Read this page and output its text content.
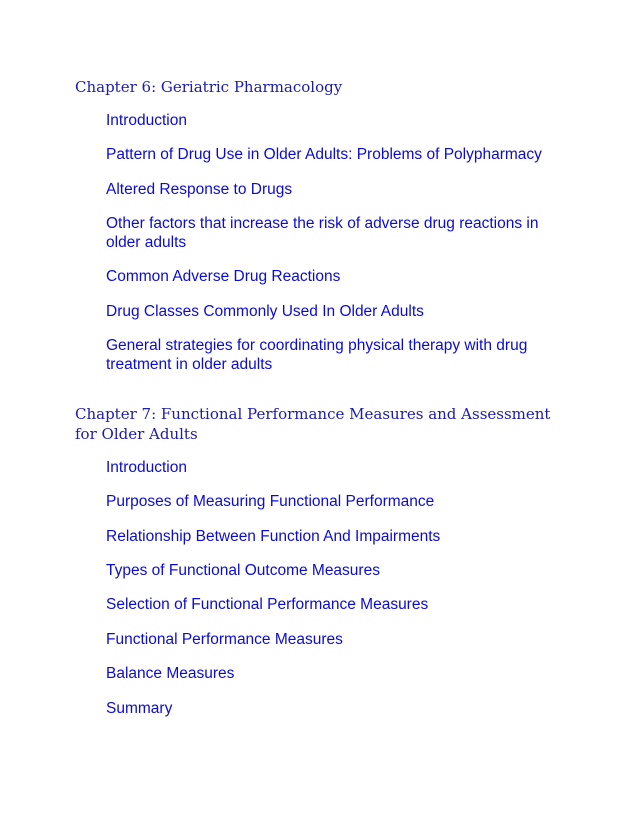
Chapter 6: Geriatric Pharmacology
Introduction
Pattern of Drug Use in Older Adults: Problems of Polypharmacy
Altered Response to Drugs
Other factors that increase the risk of adverse drug reactions in older adults
Common Adverse Drug Reactions
Drug Classes Commonly Used In Older Adults
General strategies for coordinating physical therapy with drug treatment in older adults
Chapter 7: Functional Performance Measures and Assessment for Older Adults
Introduction
Purposes of Measuring Functional Performance
Relationship Between Function And Impairments
Types of Functional Outcome Measures
Selection of Functional Performance Measures
Functional Performance Measures
Balance Measures
Summary
